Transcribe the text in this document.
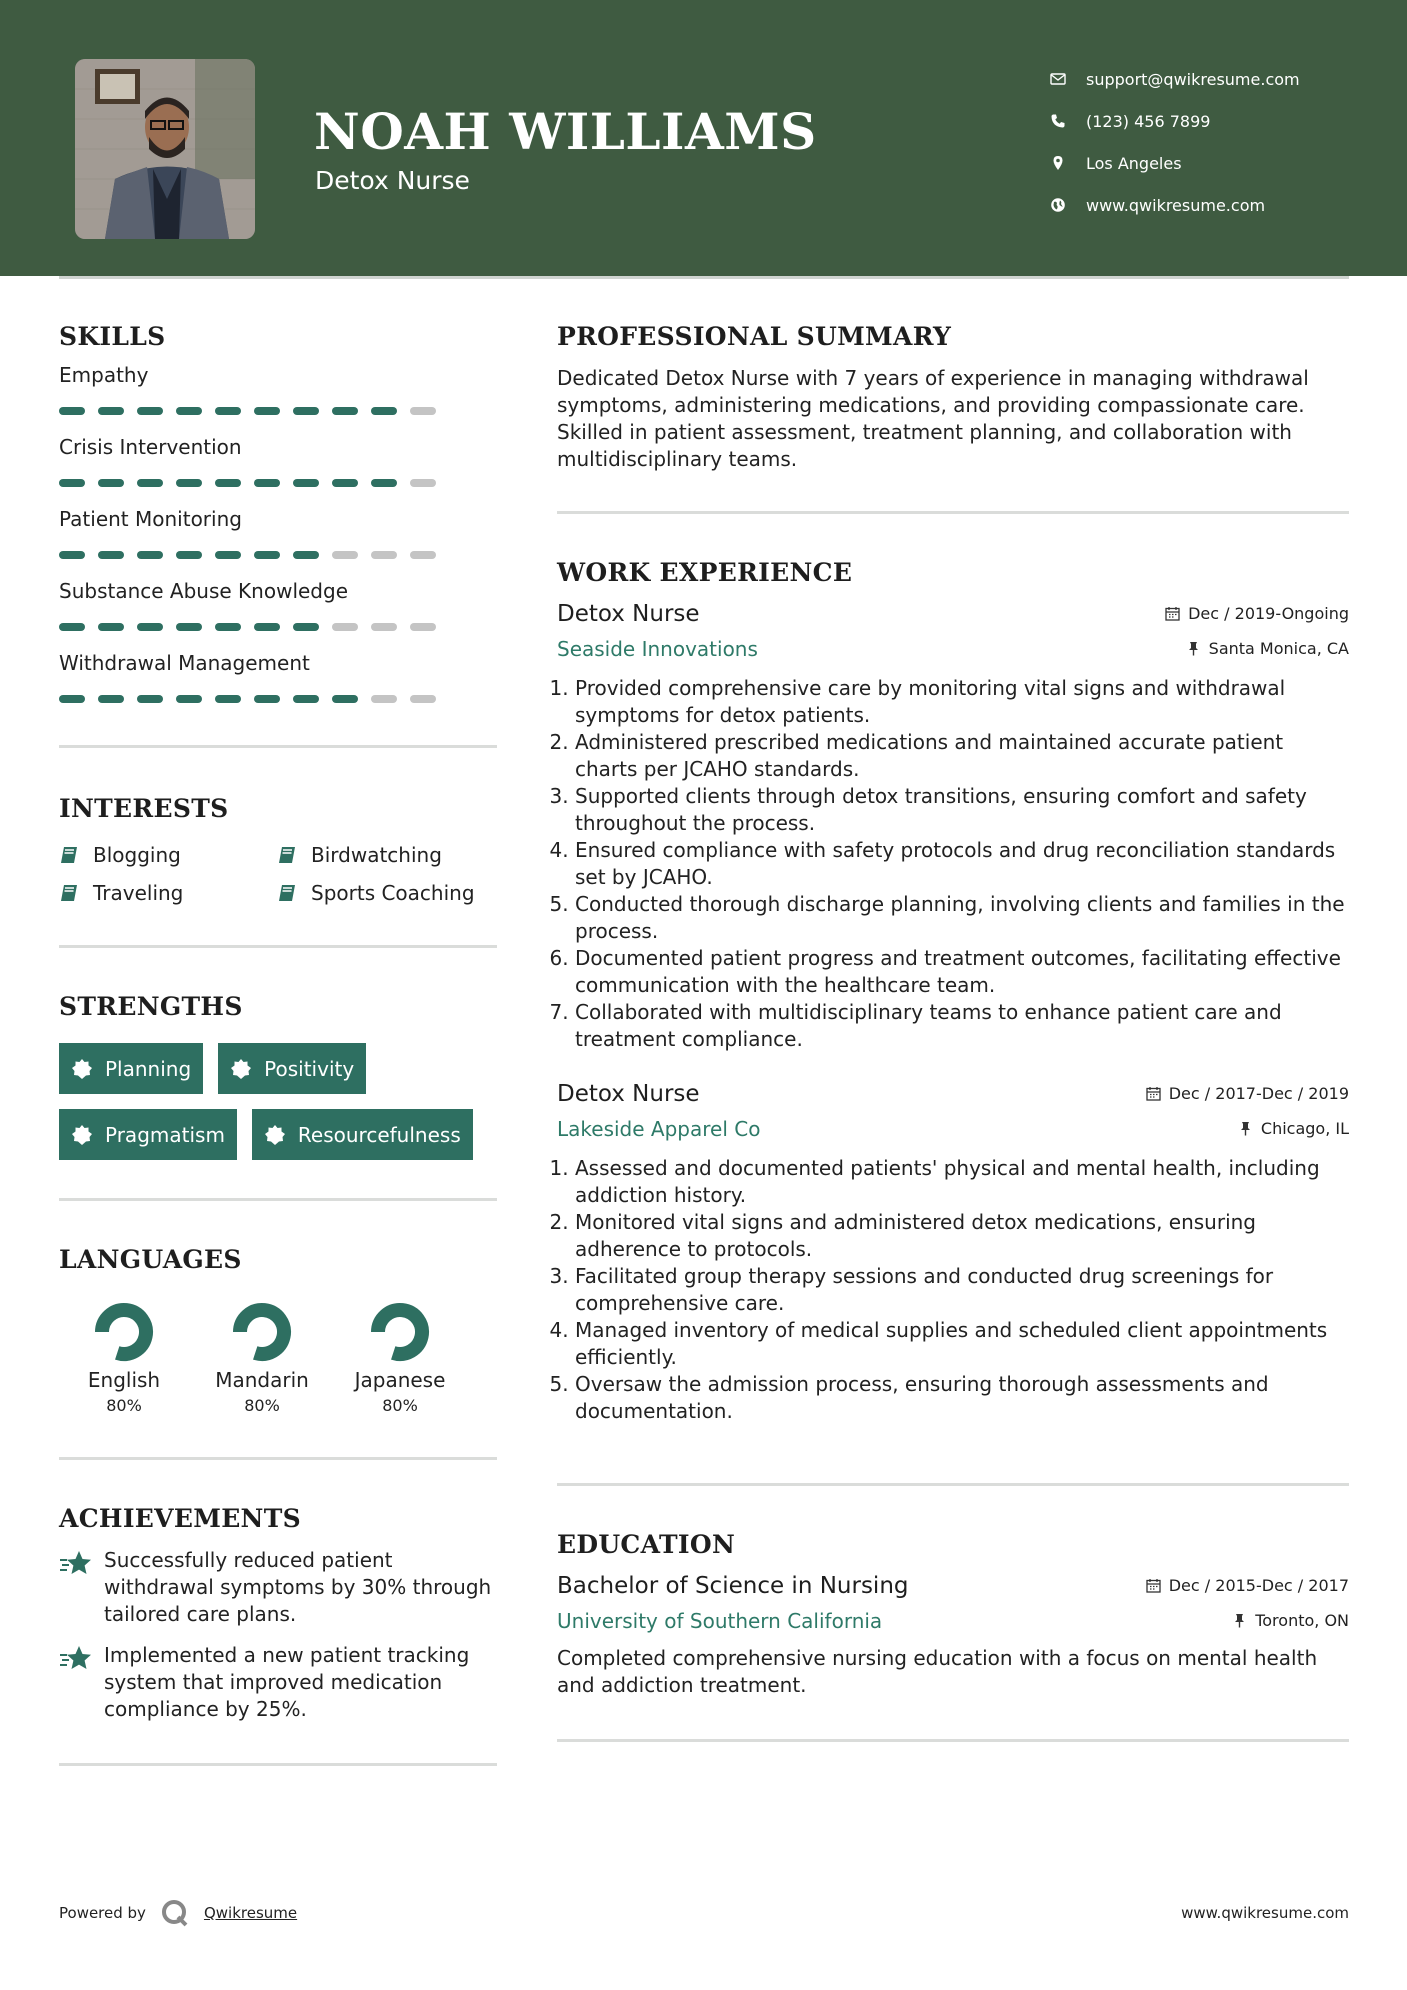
NOAH WILLIAMS
Detox Nurse
support@qwikresume.com
(123) 456 7899
Los Angeles
www.qwikresume.com
SKILLS
Empathy
Crisis Intervention
Patient Monitoring
Substance Abuse Knowledge
Withdrawal Management
INTERESTS
Blogging	Birdwatching
Traveling	Sports Coaching
STRENGTHS
Planning	Positivity
Pragmatism	Resourcefulness
LANGUAGES
English
80%
Mandarin
80%
Japanese
80%
ACHIEVEMENTS
Successfully reduced patient withdrawal symptoms by 30% through tailored care plans.
Implemented a new patient tracking system that improved medication compliance by 25%.
PROFESSIONAL SUMMARY

Dedicated Detox Nurse with 7 years of experience in managing withdrawal symptoms, administering medications, and providing compassionate care. Skilled in patient assessment, treatment planning, and collaboration with multidisciplinary teams.

WORK EXPERIENCE
Detox Nurse	Dec / 2019-Ongoing
Seaside Innovations	Santa Monica, CA
1. Provided comprehensive care by monitoring vital signs and withdrawal symptoms for detox patients.
2. Administered prescribed medications and maintained accurate patient charts per JCAHO standards.
3. Supported clients through detox transitions, ensuring comfort and safety throughout the process.
4. Ensured compliance with safety protocols and drug reconciliation standards set by JCAHO.
5. Conducted thorough discharge planning, involving clients and families in the process.
6. Documented patient progress and treatment outcomes, facilitating effective communication with the healthcare team.
7. Collaborated with multidisciplinary teams to enhance patient care and treatment compliance.
Detox Nurse	Dec / 2017-Dec / 2019
Lakeside Apparel Co	Chicago, IL
1. Assessed and documented patients' physical and mental health, including addiction history.
2. Monitored vital signs and administered detox medications, ensuring adherence to protocols.
3. Facilitated group therapy sessions and conducted drug screenings for comprehensive care.
4. Managed inventory of medical supplies and scheduled client appointments efficiently.
5. Oversaw the admission process, ensuring thorough assessments and documentation.
EDUCATION
Bachelor of Science in Nursing	Dec / 2015-Dec / 2017
University of Southern California	Toronto, ON

Completed comprehensive nursing education with a focus on mental health and addiction treatment.

Powered by	Qwikresume	www.qwikresume.com
